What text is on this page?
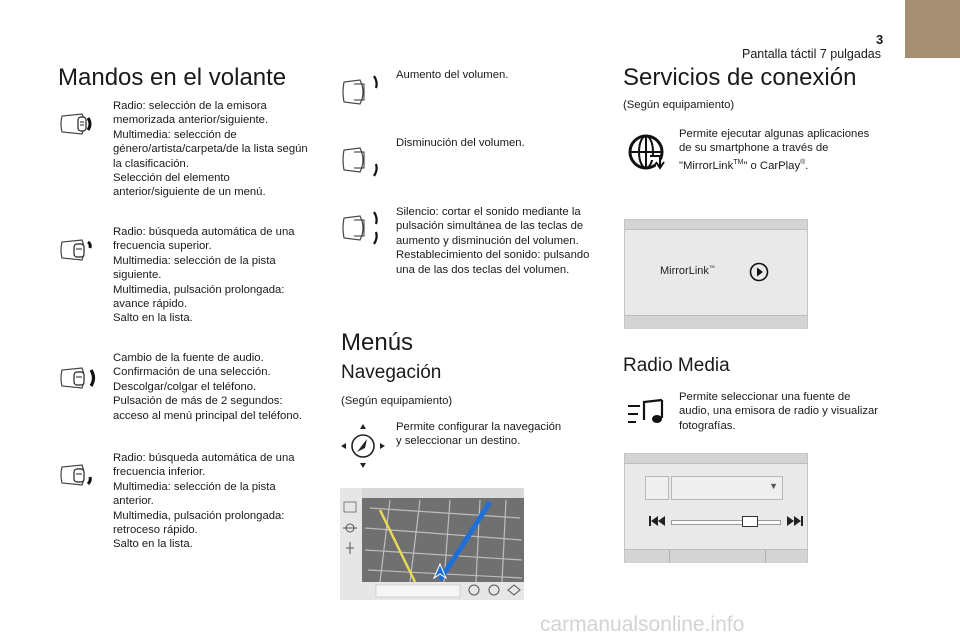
3
Pantalla táctil 7 pulgadas
Mandos en el volante
Radio: selección de la emisora memorizada anterior/siguiente.
Multimedia: selección de género/artista/carpeta/de la lista según la clasificación.
Selección del elemento anterior/siguiente de un menú.
Radio: búsqueda automática de una frecuencia superior.
Multimedia: selección de la pista siguiente.
Multimedia, pulsación prolongada: avance rápido.
Salto en la lista.
Cambio de la fuente de audio.
Confirmación de una selección.
Descolgar/colgar el teléfono.
Pulsación de más de 2 segundos: acceso al menú principal del teléfono.
Radio: búsqueda automática de una frecuencia inferior.
Multimedia: selección de la pista anterior.
Multimedia, pulsación prolongada: retroceso rápido.
Salto en la lista.
Aumento del volumen.
Disminución del volumen.
Silencio: cortar el sonido mediante la pulsación simultánea de las teclas de aumento y disminución del volumen.
Restablecimiento del sonido: pulsando una de las dos teclas del volumen.
Menús
Navegación
(Según equipamiento)
Permite configurar la navegación
y seleccionar un destino.
Servicios de conexión
(Según equipamiento)
Permite ejecutar algunas aplicaciones de su smartphone a través de "MirrorLink™" o CarPlay®.
MirrorLink™
Radio Media
Permite seleccionar una fuente de audio, una emisora de radio y visualizar fotografías.
▼
carmanualsonline.info
